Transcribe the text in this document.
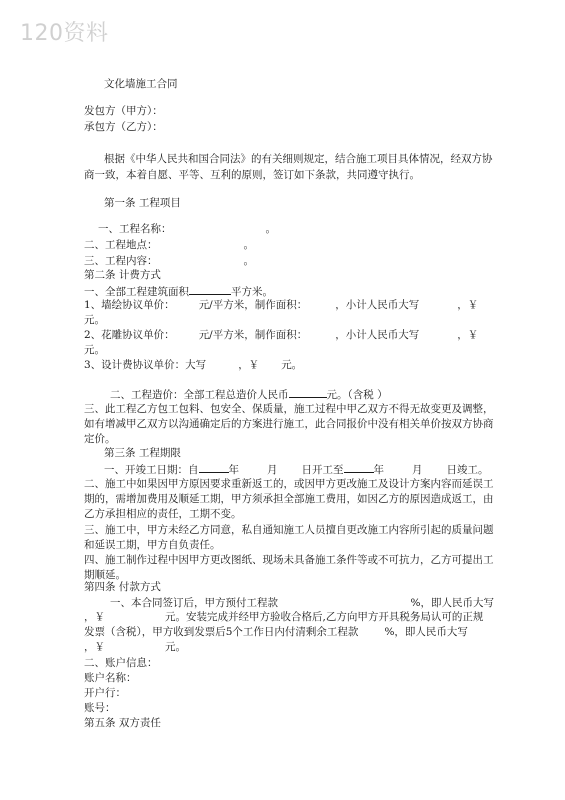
120资料
文化墙施工合同
发包方（甲方）：
承包方（乙方）：
根据《中华人民共和国合同法》的有关细则规定，结合施工项目具体情况，经双方协
商一致，本着自愿、平等、互利的原则，签订如下条款，共同遵守执行。
第一条 工程项目
一、工程名称：	。
二、工程地点：	。
三、工程内容：	。
第二条 计费方式
一、全部工程建筑面积	平方米。
1、墙绘协议单价： 元/平方米，制作面积：	，小计人民币大写	，￥
元。
2、花雕协议单价： 元/平方米，制作面积：	，小计人民币大写	，￥
元。
3、设计费协议单价：大写	，￥ 元。
二、工程造价：全部工程总造价人民币	元。（含税 ）
三、此工程乙方包工包料、包安全、保质量，施工过程中甲乙双方不得无故变更及调整，
如有增减甲乙双方以沟通确定后的方案进行施工，此合同报价中没有相关单价按双方协商
定价。
第三条 工程期限
一、开竣工日期：自	年	月 日开工至	年	月 日竣工。
二、施工中如果因甲方原因要求重新返工的，或因甲方更改施工及设计方案内容而延误工
期的，需增加费用及顺延工期，甲方须承担全部施工费用，如因乙方的原因造成返工，由
乙方承担相应的责任，工期不变。
三、施工中，甲方未经乙方同意，私自通知施工人员擅自更改施工内容所引起的质量问题
和延误工期，甲方自负责任。
四、施工制作过程中因甲方更改图纸、现场未具备施工条件等或不可抗力，乙方可提出工
期顺延。
第四条 付款方式
一、本合同签订后，甲方预付工程款	%，即人民币大写
，￥	元。安装完成并经甲方验收合格后,乙方向甲方开具税务局认可的正规
发票（含税），甲方收到发票后5个工作日内付清剩余工程款 %，即人民币大写
，￥	元。
二、账户信息：
账户名称：
开户行：
账号：
第五条 双方责任
